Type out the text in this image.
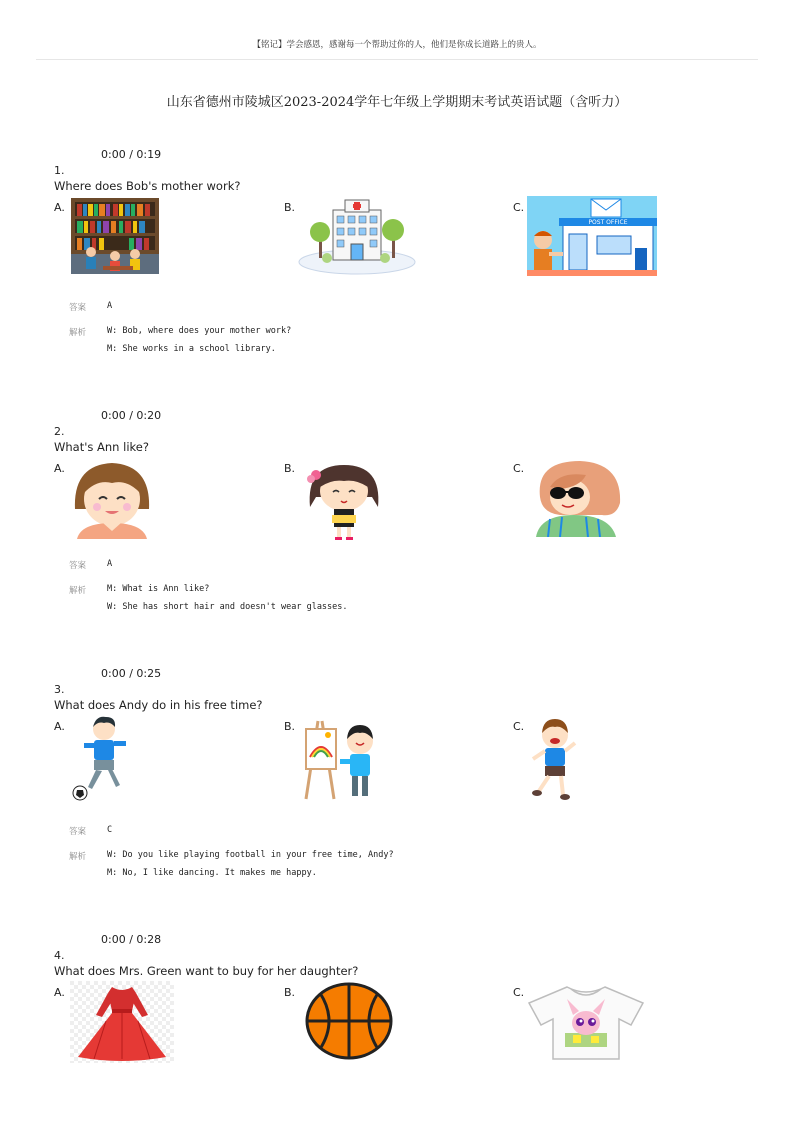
【铭记】学会感恩，感谢每一个帮助过你的人，他们是你成长道路上的贵人。
山东省德州市陵城区2023-2024学年七年级上学期期末考试英语试题（含听力）
0:00 / 0:19
1.
Where does Bob's mother work?
A.	B.	C.
POST OFFICE
答案 A
解析 W: Bob, where does your mother work?
M: She works in a school library.
0:00 / 0:20
2.
What's Ann like?
A.	B.	C.
答案 A
解析 M: What is Ann like?
W: She has short hair and doesn't wear glasses.
0:00 / 0:25
3.
What does Andy do in his free time?
A.	B.	C.
答案 C
解析 W: Do you like playing football in your free time, Andy?
M: No, I like dancing. It makes me happy.
0:00 / 0:28
4.
What does Mrs. Green want to buy for her daughter?
A.	B.	C.
